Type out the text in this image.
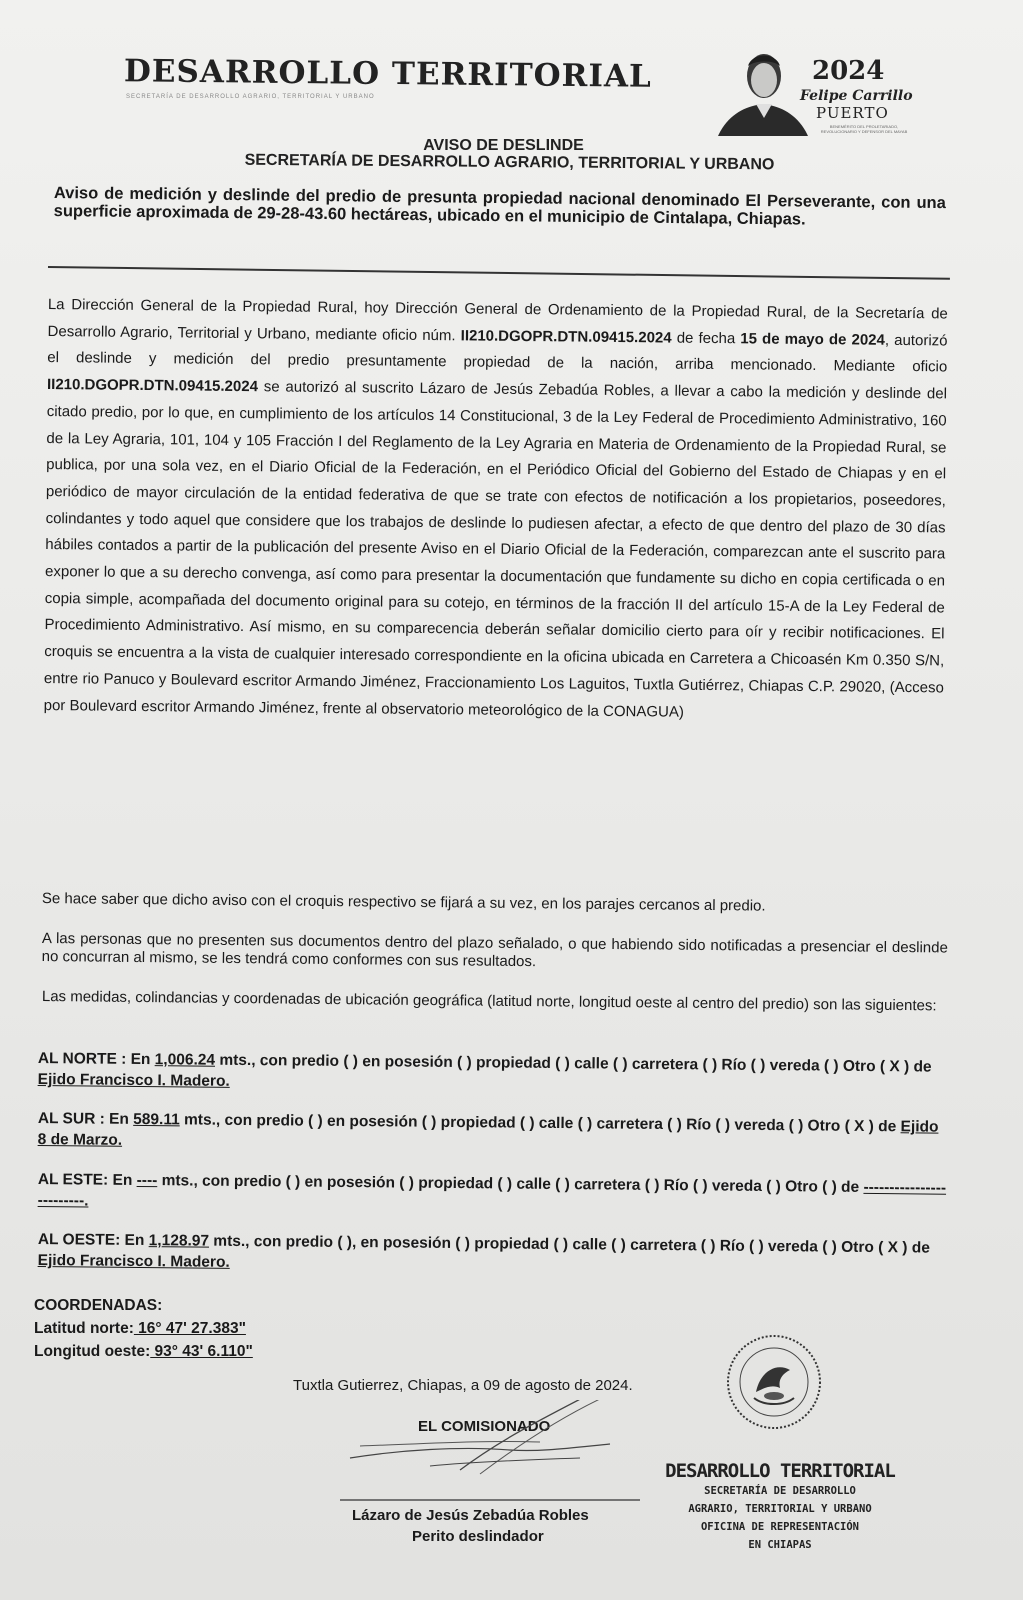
DESARROLLO TERRITORIAL
SECRETARÍA DE DESARROLLO AGRARIO, TERRITORIAL Y URBANO
2024
Felipe Carrillo
PUERTO
BENEMÉRITO DEL PROLETARIADO, REVOLUCIONARIO Y DEFENSOR DEL MAYAB
AVISO DE DESLINDE
SECRETARÍA DE DESARROLLO AGRARIO, TERRITORIAL Y URBANO
Aviso de medición y deslinde del predio de presunta propiedad nacional denominado El Perseverante, con una superficie aproximada de 29-28-43.60 hectáreas, ubicado en el municipio de Cintalapa, Chiapas.
La Dirección General de la Propiedad Rural, hoy Dirección General de Ordenamiento de la Propiedad Rural, de la Secretaría de Desarrollo Agrario, Territorial y Urbano, mediante oficio núm. II210.DGOPR.DTN.09415.2024 de fecha 15 de mayo de 2024, autorizó el deslinde y medición del predio presuntamente propiedad de la nación, arriba mencionado. Mediante oficio II210.DGOPR.DTN.09415.2024 se autorizó al suscrito Lázaro de Jesús Zebadúa Robles, a llevar a cabo la medición y deslinde del citado predio, por lo que, en cumplimiento de los artículos 14 Constitucional, 3 de la Ley Federal de Procedimiento Administrativo, 160 de la Ley Agraria, 101, 104 y 105 Fracción I del Reglamento de la Ley Agraria en Materia de Ordenamiento de la Propiedad Rural, se publica, por una sola vez, en el Diario Oficial de la Federación, en el Periódico Oficial del Gobierno del Estado de Chiapas y en el periódico de mayor circulación de la entidad federativa de que se trate con efectos de notificación a los propietarios, poseedores, colindantes y todo aquel que considere que los trabajos de deslinde lo pudiesen afectar, a efecto de que dentro del plazo de 30 días hábiles contados a partir de la publicación del presente Aviso en el Diario Oficial de la Federación, comparezcan ante el suscrito para exponer lo que a su derecho convenga, así como para presentar la documentación que fundamente su dicho en copia certificada o en copia simple, acompañada del documento original para su cotejo, en términos de la fracción II del artículo 15-A de la Ley Federal de Procedimiento Administrativo. Así mismo, en su comparecencia deberán señalar domicilio cierto para oír y recibir notificaciones. El croquis se encuentra a la vista de cualquier interesado correspondiente en la oficina ubicada en Carretera a Chicoasén Km 0.350 S/N, entre rio Panuco y Boulevard escritor Armando Jiménez, Fraccionamiento Los Laguitos, Tuxtla Gutiérrez, Chiapas C.P. 29020, (Acceso por Boulevard escritor Armando Jiménez, frente al observatorio meteorológico de la CONAGUA)
Se hace saber que dicho aviso con el croquis respectivo se fijará a su vez, en los parajes cercanos al predio.
A las personas que no presenten sus documentos dentro del plazo señalado, o que habiendo sido notificadas a presenciar el deslinde no concurran al mismo, se les tendrá como conformes con sus resultados.
Las medidas, colindancias y coordenadas de ubicación geográfica (latitud norte, longitud oeste al centro del predio) son las siguientes:
AL NORTE : En 1,006.24 mts., con predio ( ) en posesión ( ) propiedad ( ) calle ( ) carretera ( ) Río ( ) vereda ( ) Otro ( X ) de Ejido Francisco I. Madero.
AL SUR : En 589.11 mts., con predio ( ) en posesión ( ) propiedad ( ) calle ( ) carretera ( ) Río ( ) vereda ( ) Otro ( X ) de Ejido 8 de Marzo.
AL ESTE: En ---- mts., con predio ( ) en posesión ( ) propiedad ( ) calle ( ) carretera ( ) Río ( ) vereda ( ) Otro ( ) de -------------------------.
AL OESTE: En 1,128.97 mts., con predio ( ), en posesión ( ) propiedad ( ) calle ( ) carretera ( ) Río ( ) vereda ( ) Otro ( X ) de Ejido Francisco I. Madero.
COORDENADAS:
Latitud norte: 16° 47' 27.383"
Longitud oeste: 93° 43' 6.110"
Tuxtla Gutierrez, Chiapas, a 09 de agosto de 2024.
EL COMISIONADO
Lázaro de Jesús Zebadúa Robles
Perito deslindador
DESARROLLO TERRITORIAL
SECRETARÍA DE DESARROLLO
AGRARIO, TERRITORIAL Y URBANO
OFICINA DE REPRESENTACIÓN
EN CHIAPAS
